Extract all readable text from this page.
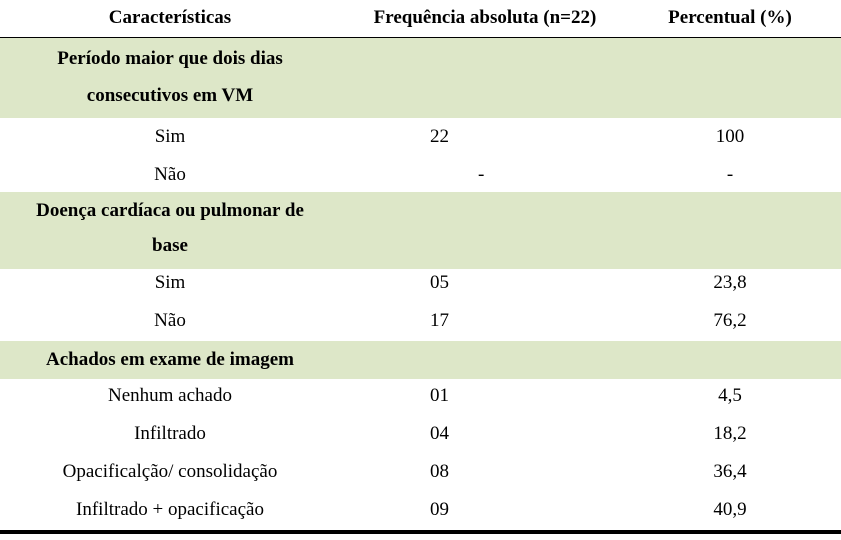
Características	Frequência absoluta (n=22)	Percentual (%)
Período maior que dois dias
consecutivos em VM
Sim	22	100
Não	-	-
Doença cardíaca ou pulmonar de
base
Sim	05	23,8
Não	17	76,2
Achados em exame de imagem
Nenhum achado	01	4,5
Infiltrado	04	18,2
Opacificalção/ consolidação	08	36,4
Infiltrado + opacificação	09	40,9
